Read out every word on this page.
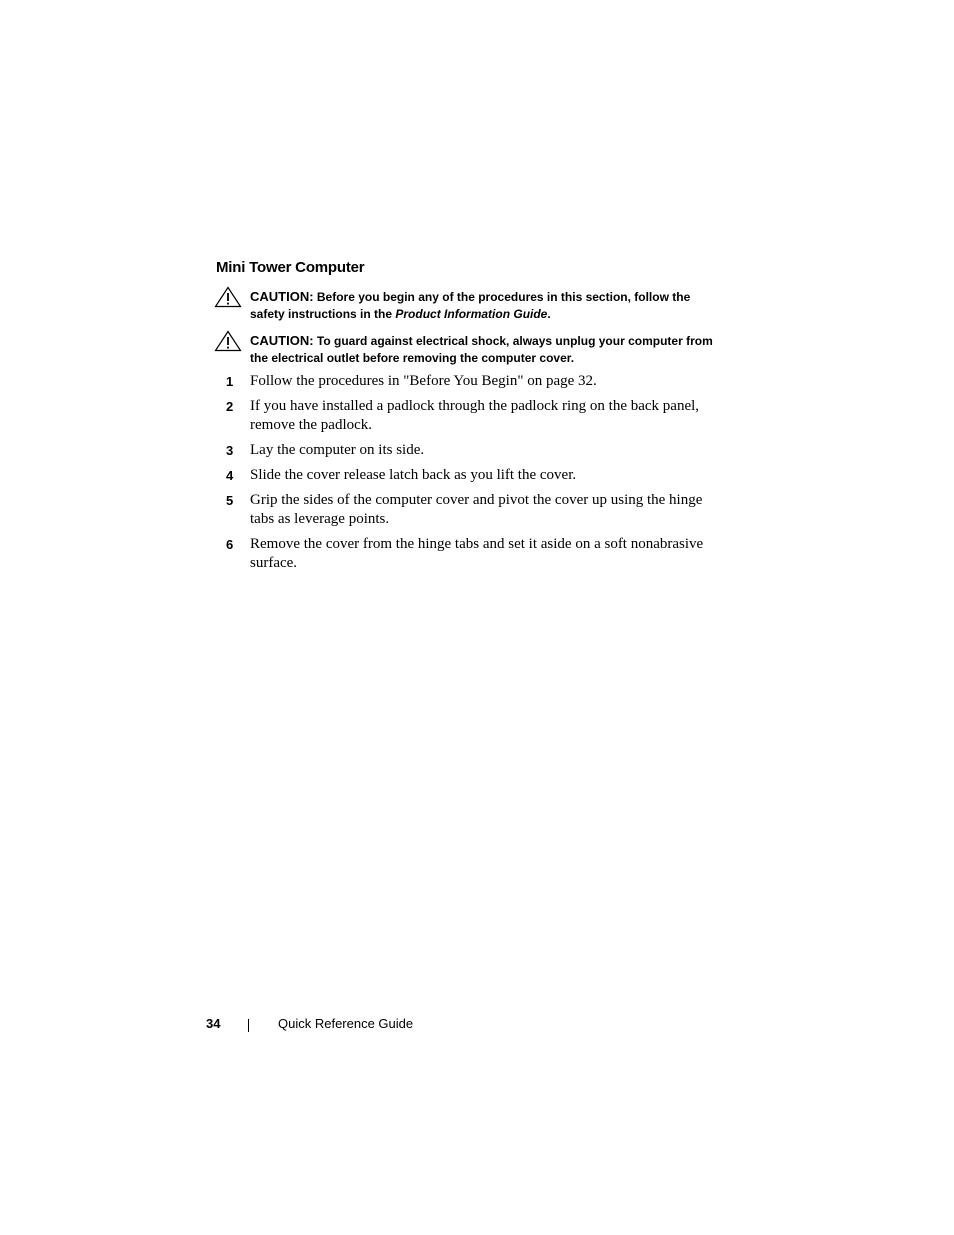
Mini Tower Computer
CAUTION: Before you begin any of the procedures in this section, follow the safety instructions in the Product Information Guide.
CAUTION: To guard against electrical shock, always unplug your computer from the electrical outlet before removing the computer cover.
1 Follow the procedures in "Before You Begin" on page 32.
2 If you have installed a padlock through the padlock ring on the back panel, remove the padlock.
3 Lay the computer on its side.
4 Slide the cover release latch back as you lift the cover.
5 Grip the sides of the computer cover and pivot the cover up using the hinge tabs as leverage points.
6 Remove the cover from the hinge tabs and set it aside on a soft nonabrasive surface.
34	Quick Reference Guide
